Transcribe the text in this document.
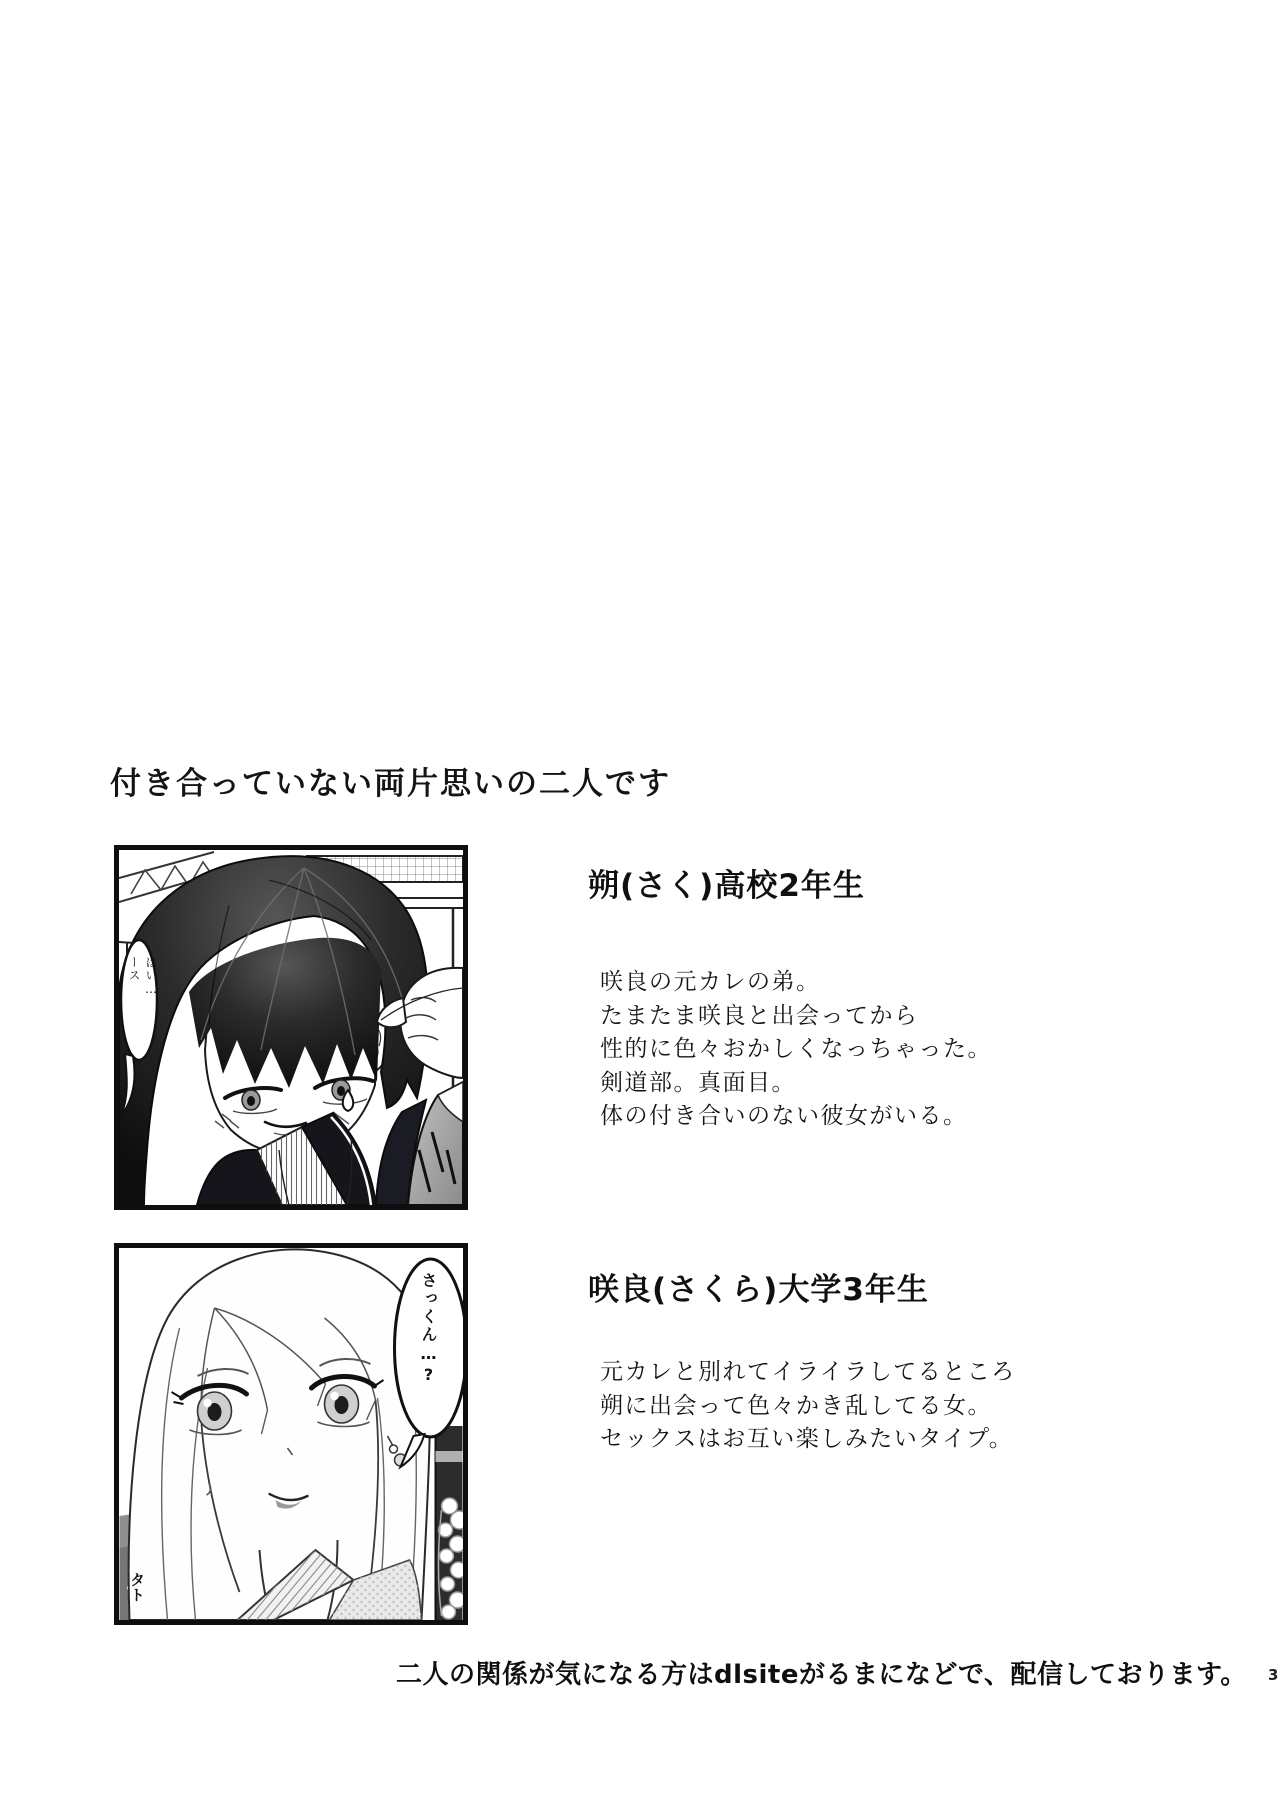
付き合っていない両片思いの二人です
はい…ース
朔(さく)高校2年生
咲良の元カレの弟。
たまたま咲良と出会ってから
性的に色々おかしくなっちゃった。
剣道部。真面目。
体の付き合いのない彼女がいる。
さっくん…?
タト
咲良(さくら)大学3年生
元カレと別れてイライラしてるところ
朔に出会って色々かき乱してる女。
セックスはお互い楽しみたいタイプ。
二人の関係が気になる方はdlsiteがるまになどで、配信しております。 3
